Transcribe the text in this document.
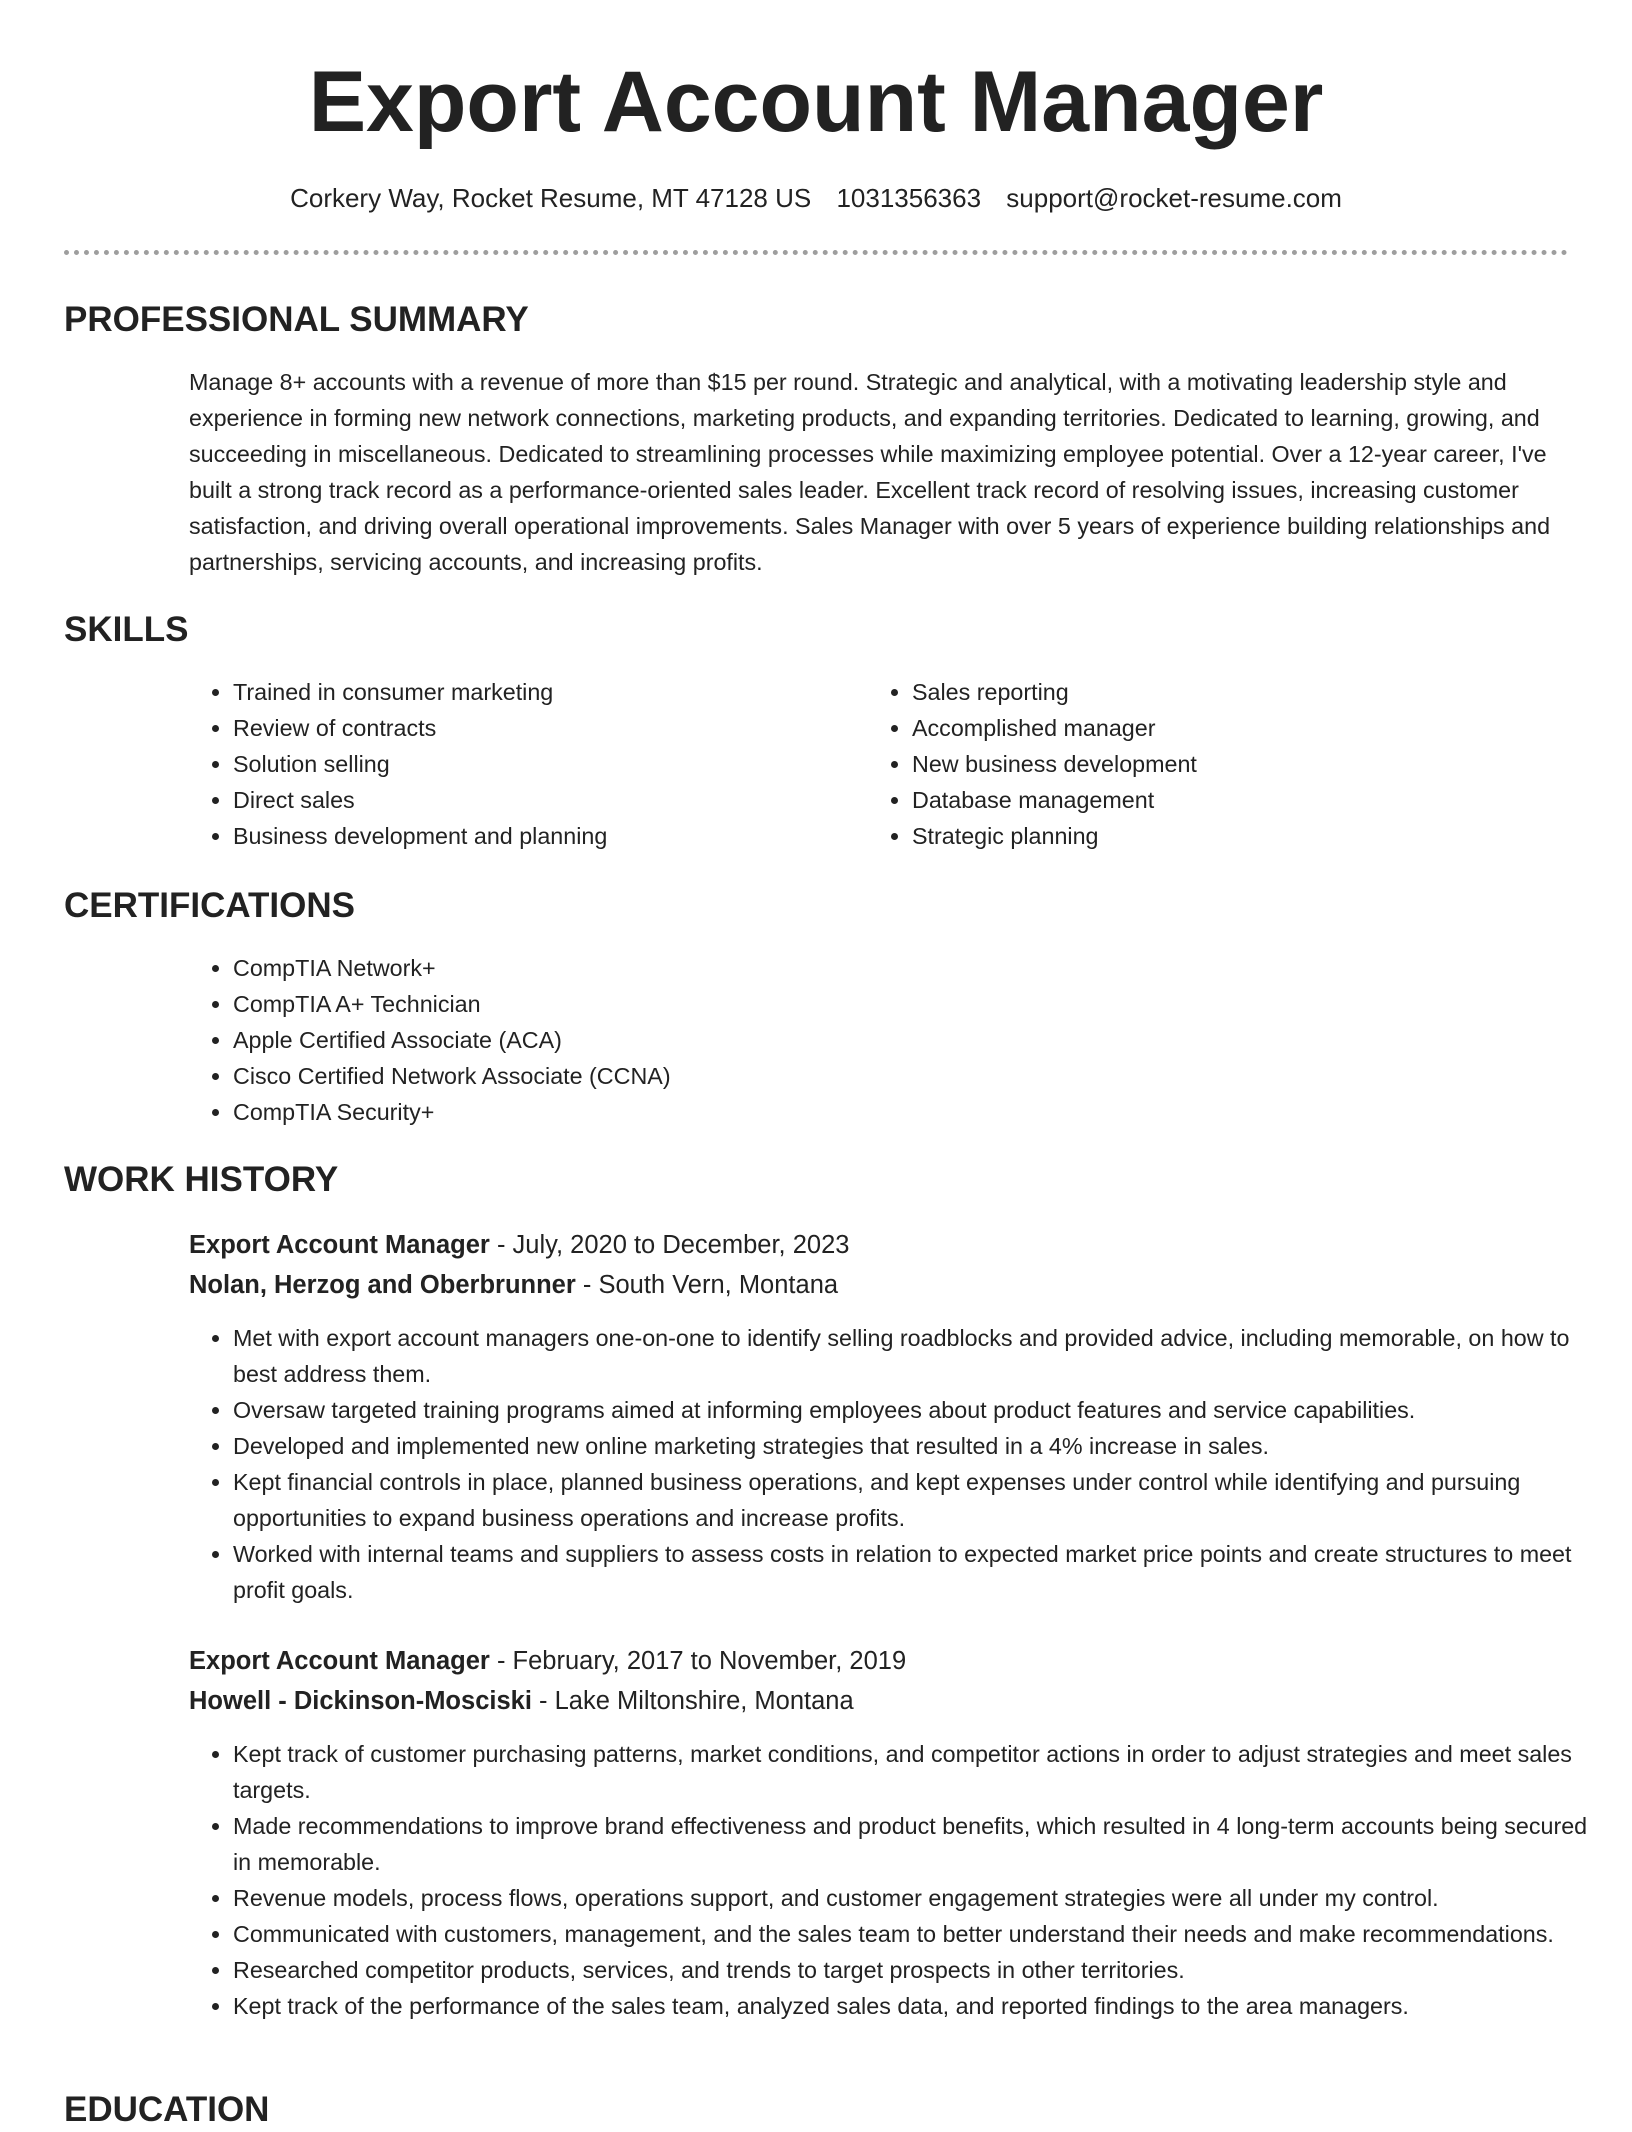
Export Account Manager
Corkery Way, Rocket Resume, MT 47128 US 1031356363 support@rocket-resume.com
PROFESSIONAL SUMMARY

Manage 8+ accounts with a revenue of more than $15 per round. Strategic and analytical, with a motivating leadership style and experience in forming new network connections, marketing products, and expanding territories. Dedicated to learning, growing, and succeeding in miscellaneous. Dedicated to streamlining processes while maximizing employee potential. Over a 12-year career, I've built a strong track record as a performance-oriented sales leader. Excellent track record of resolving issues, increasing customer satisfaction, and driving overall operational improvements. Sales Manager with over 5 years of experience building relationships and partnerships, servicing accounts, and increasing profits.

SKILLS
• Trained in consumer marketing
• Review of contracts
• Solution selling
• Direct sales
• Business development and planning
• Sales reporting
• Accomplished manager
• New business development
• Database management
• Strategic planning
CERTIFICATIONS
• CompTIA Network+
• CompTIA A+ Technician
• Apple Certified Associate (ACA)
• Cisco Certified Network Associate (CCNA)
• CompTIA Security+
WORK HISTORY
Export Account Manager - July, 2020 to December, 2023
Nolan, Herzog and Oberbrunner - South Vern, Montana
• Met with export account managers one-on-one to identify selling roadblocks and provided advice, including memorable, on how to best address them.
• Oversaw targeted training programs aimed at informing employees about product features and service capabilities.
• Developed and implemented new online marketing strategies that resulted in a 4% increase in sales.
• Kept financial controls in place, planned business operations, and kept expenses under control while identifying and pursuing opportunities to expand business operations and increase profits.
• Worked with internal teams and suppliers to assess costs in relation to expected market price points and create structures to meet profit goals.
Export Account Manager - February, 2017 to November, 2019
Howell - Dickinson-Mosciski - Lake Miltonshire, Montana
• Kept track of customer purchasing patterns, market conditions, and competitor actions in order to adjust strategies and meet sales targets.
• Made recommendations to improve brand effectiveness and product benefits, which resulted in 4 long-term accounts being secured in memorable.
• Revenue models, process flows, operations support, and customer engagement strategies were all under my control.
• Communicated with customers, management, and the sales team to better understand their needs and make recommendations.
• Researched competitor products, services, and trends to target prospects in other territories.
• Kept track of the performance of the sales team, analyzed sales data, and reported findings to the area managers.
EDUCATION
